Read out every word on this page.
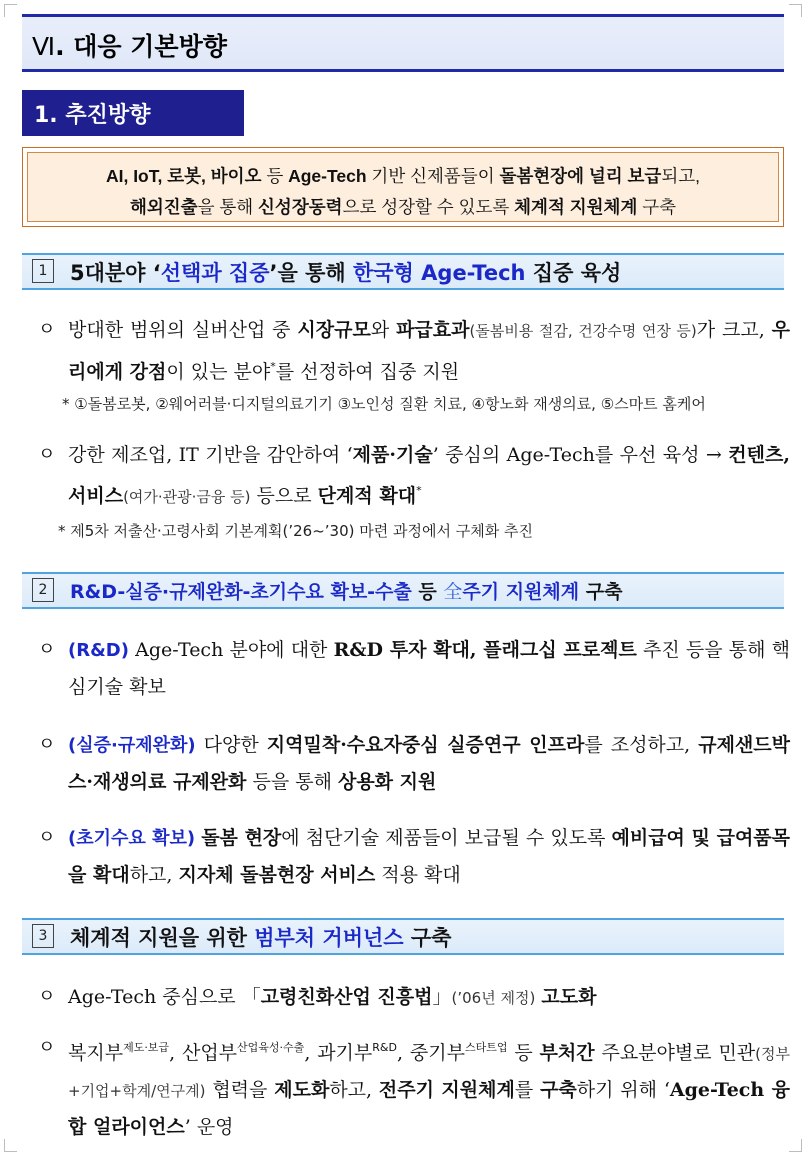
Ⅵ. 대응 기본방향
1. 추진방향
AI, IoT, 로봇, 바이오 등 Age-Tech 기반 신제품들이 돌봄현장에 널리 보급되고,
해외진출을 통해 신성장동력으로 성장할 수 있도록 체계적 지원체계 구축
1	5대분야 ‘선택과 집중’을 통해 한국형 Age-Tech 집중 육성
ㅇ 방대한 범위의 실버산업 중 시장규모와 파급효과(돌봄비용 절감, 건강수명 연장 등)가 크고, 우리에게 강점이 있는 분야*를 선정하여 집중 지원
* ①돌봄로봇, ②웨어러블·디지털의료기기 ③노인성 질환 치료, ④항노화 재생의료, ⑤스마트 홈케어
ㅇ 강한 제조업, IT 기반을 감안하여 ‘제품·기술’ 중심의 Age-Tech를 우선 육성 → 컨텐츠, 서비스(여가·관광·금융 등) 등으로 단계적 확대*
* 제5차 저출산·고령사회 기본계획(’26~’30) 마련 과정에서 구체화 추진
2	R&D-실증·규제완화-초기수요 확보-수출 등 全주기 지원체계 구축
ㅇ (R&D) Age-Tech 분야에 대한 R&D 투자 확대, 플래그십 프로젝트 추진 등을 통해 핵심기술 확보
ㅇ (실증·규제완화) 다양한 지역밀착·수요자중심 실증연구 인프라를 조성하고, 규제샌드박스·재생의료 규제완화 등을 통해 상용화 지원
ㅇ (초기수요 확보) 돌봄 현장에 첨단기술 제품들이 보급될 수 있도록 예비급여 및 급여품목을 확대하고, 지자체 돌봄현장 서비스 적용 확대
3	체계적 지원을 위한 범부처 거버넌스 구축
ㅇ Age-Tech 중심으로 「고령친화산업 진흥법」(’06년 제정) 고도화
ㅇ 복지부$^{제도\cdot 보급}$, 산업부$^{산업육성\cdot 수출}$, 과기부$^{R\&D}$, 중기부$^{스타트업}$ 등 부처간 주요분야별로 민관(정부+기업+학계/연구계) 협력을 제도화하고, 전주기 지원체계를 구축하기 위해 ‘Age-Tech 융합 얼라이언스’ 운영
